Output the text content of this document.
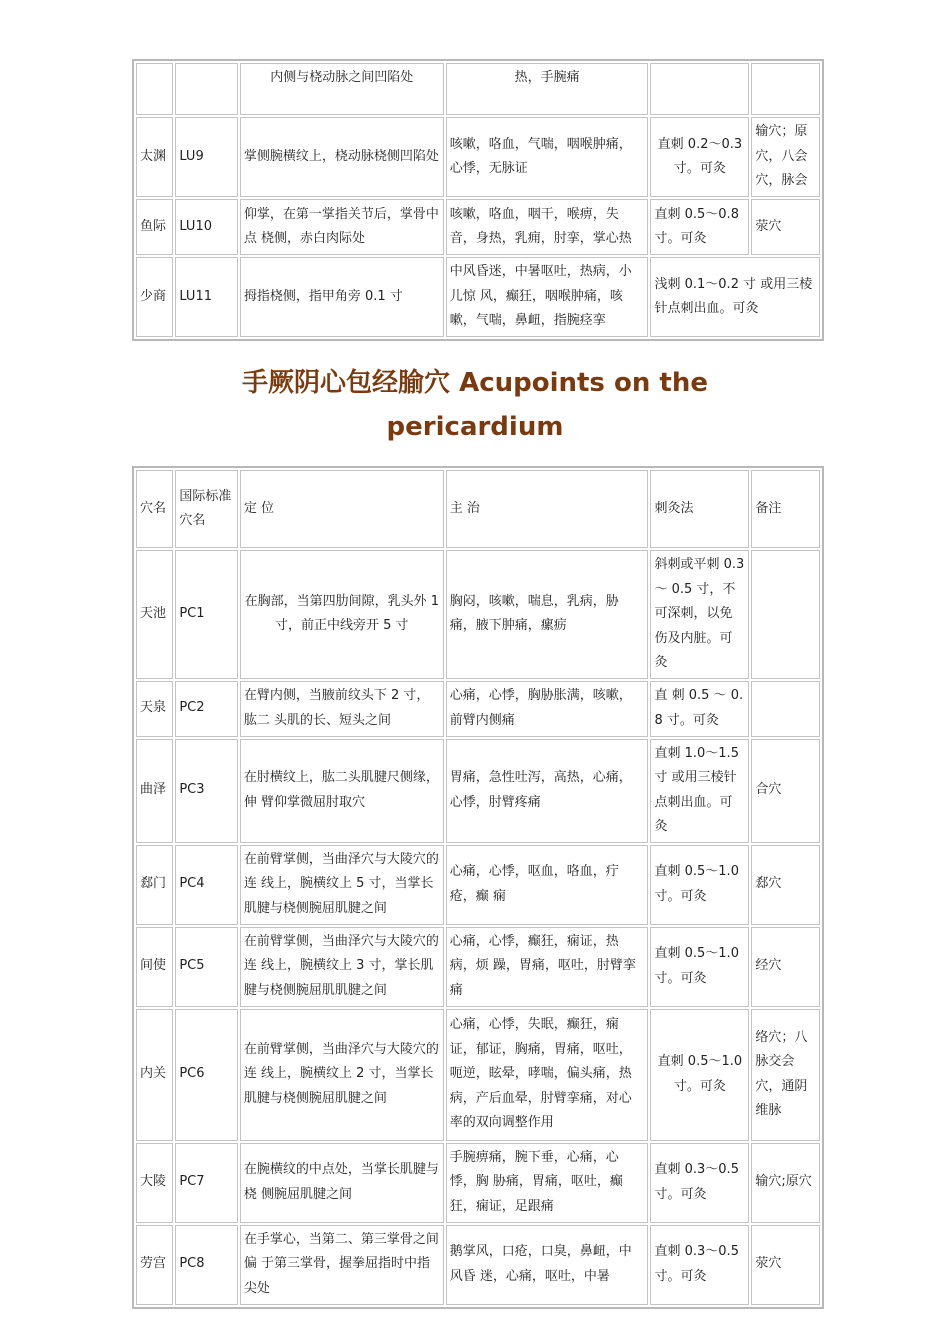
		内侧与桡动脉之间凹陷处	热，手腕痛		
太渊	LU9	掌侧腕横纹上，桡动脉桡侧凹陷处	咳嗽，咯血，气喘，咽喉肿痛，心悸，无脉证	直刺 0.2～0.3 寸。可灸	输穴；原穴，八会穴，脉会
鱼际	LU10	仰掌，在第一掌指关节后，掌骨中点 桡侧，赤白肉际处	咳嗽，咯血，咽干，喉痹，失音，身热，乳痈，肘挛，掌心热	直刺 0.5～0.8 寸。可灸	荥穴
少商	LU11	拇指桡侧，指甲角旁 0.1 寸	中风昏迷，中暑呕吐，热病，小儿惊 风，癫狂，咽喉肿痛，咳嗽，气喘，鼻衄，指腕痉挛	浅刺 0.1～0.2 寸 或用三棱针点刺出血。可灸	
手厥阴心包经腧穴 Acupoints on the
pericardium
穴名	国际标准 穴名	定 位	主 治	刺灸法	备注
天池	PC1	在胸部，当第四肋间隙，乳头外 1 寸，前正中线旁开 5 寸	胸闷，咳嗽，喘息，乳病，胁痛，腋下肿痛，瘰疬	斜刺或平刺 0.3～ 0.5 寸，不可深刺，以免伤及内脏。可灸	
天泉	PC2	在臂内侧，当腋前纹头下 2 寸，肱二 头肌的长、短头之间	心痛，心悸，胸胁胀满，咳嗽，前臂内侧痛	直 刺 0.5 ～ 0.8 寸。可灸	
曲泽	PC3	在肘横纹上，肱二头肌腱尺侧缘，伸 臂仰掌微屈肘取穴	胃痛，急性吐泻，高热，心痛，心悸，肘臂疼痛	直刺 1.0～1.5 寸 或用三棱针点刺出血。可灸	合穴
郄门	PC4	在前臂掌侧，当曲泽穴与大陵穴的连 线上，腕横纹上 5 寸，当掌长肌腱与桡侧腕屈肌腱之间	心痛，心悸，呕血，咯血，疔疮，癫 痫	直刺 0.5～1.0 寸。可灸	郄穴
间使	PC5	在前臂掌侧，当曲泽穴与大陵穴的连 线上，腕横纹上 3 寸，掌长肌腱与桡侧腕屈肌肌腱之间	心痛，心悸，癫狂，痫证，热病，烦 躁，胃痛，呕吐，肘臂挛痛	直刺 0.5～1.0 寸。可灸	经穴
内关	PC6	在前臂掌侧，当曲泽穴与大陵穴的连 线上，腕横纹上 2 寸，当掌长肌腱与桡侧腕屈肌腱之间	心痛，心悸，失眠，癫狂，痫证，郁证，胸痛，胃痛，呕吐，呃逆，眩晕，哮喘，偏头痛，热病，产后血晕，肘臂挛痛，对心率的双向调整作用	直刺 0.5～1.0 寸。可灸	络穴；八脉交会穴，通阴维脉
大陵	PC7	在腕横纹的中点处，当掌长肌腱与桡 侧腕屈肌腱之间	手腕痹痛，腕下垂，心痛，心悸，胸 胁痛，胃痛，呕吐，癫狂，痫证，足跟痛	直刺 0.3～0.5 寸。可灸	输穴;原穴
劳宫	PC8	在手掌心，当第二、第三掌骨之间偏 于第三掌骨，握拳屈指时中指尖处	鹅掌风，口疮，口臭，鼻衄，中风昏 迷，心痛，呕吐，中暑	直刺 0.3～0.5 寸。可灸	荥穴
